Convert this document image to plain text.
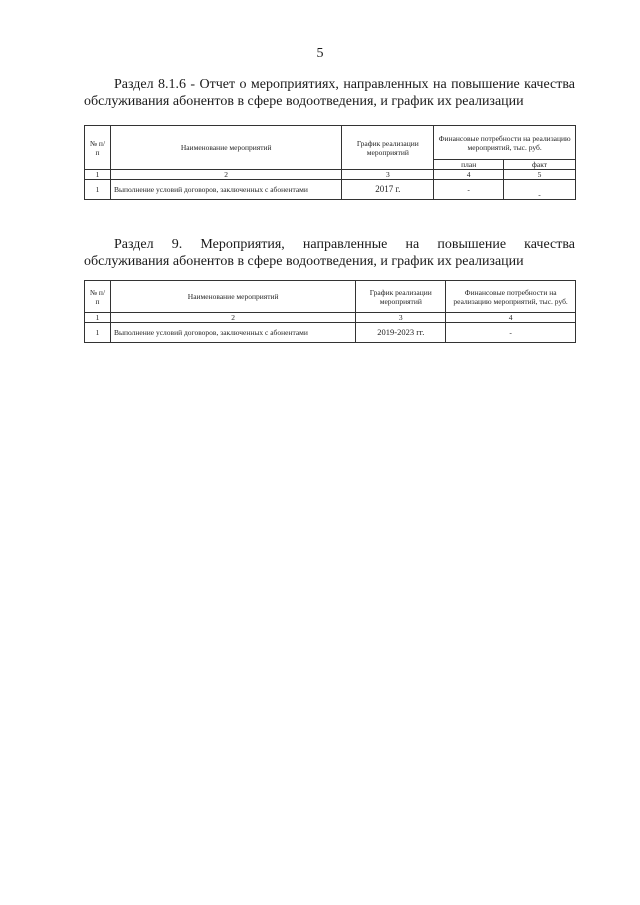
5
Раздел 8.1.6 - Отчет о мероприятиях, направленных на повышение качества
обслуживания абонентов в сфере водоотведения, и график их реализации
№ п/п	Наименование мероприятий	График реализации мероприятий	Финансовые потребности на реализацию мероприятий, тыс. руб.	
			план	факт
1	2	3	4	5
1	Выполнение условий договоров, заключенных с абонентами	2017 г.	-	-
Раздел 9. Мероприятия, направленные на повышение качества
обслуживания абонентов в сфере водоотведения, и график их реализации
№ п/п	Наименование мероприятий	График реализации мероприятий	Финансовые потребности на реализацию мероприятий, тыс. руб.
1	2	3	4
1	Выполнение условий договоров, заключенных с абонентами	2019-2023 гг.	-
